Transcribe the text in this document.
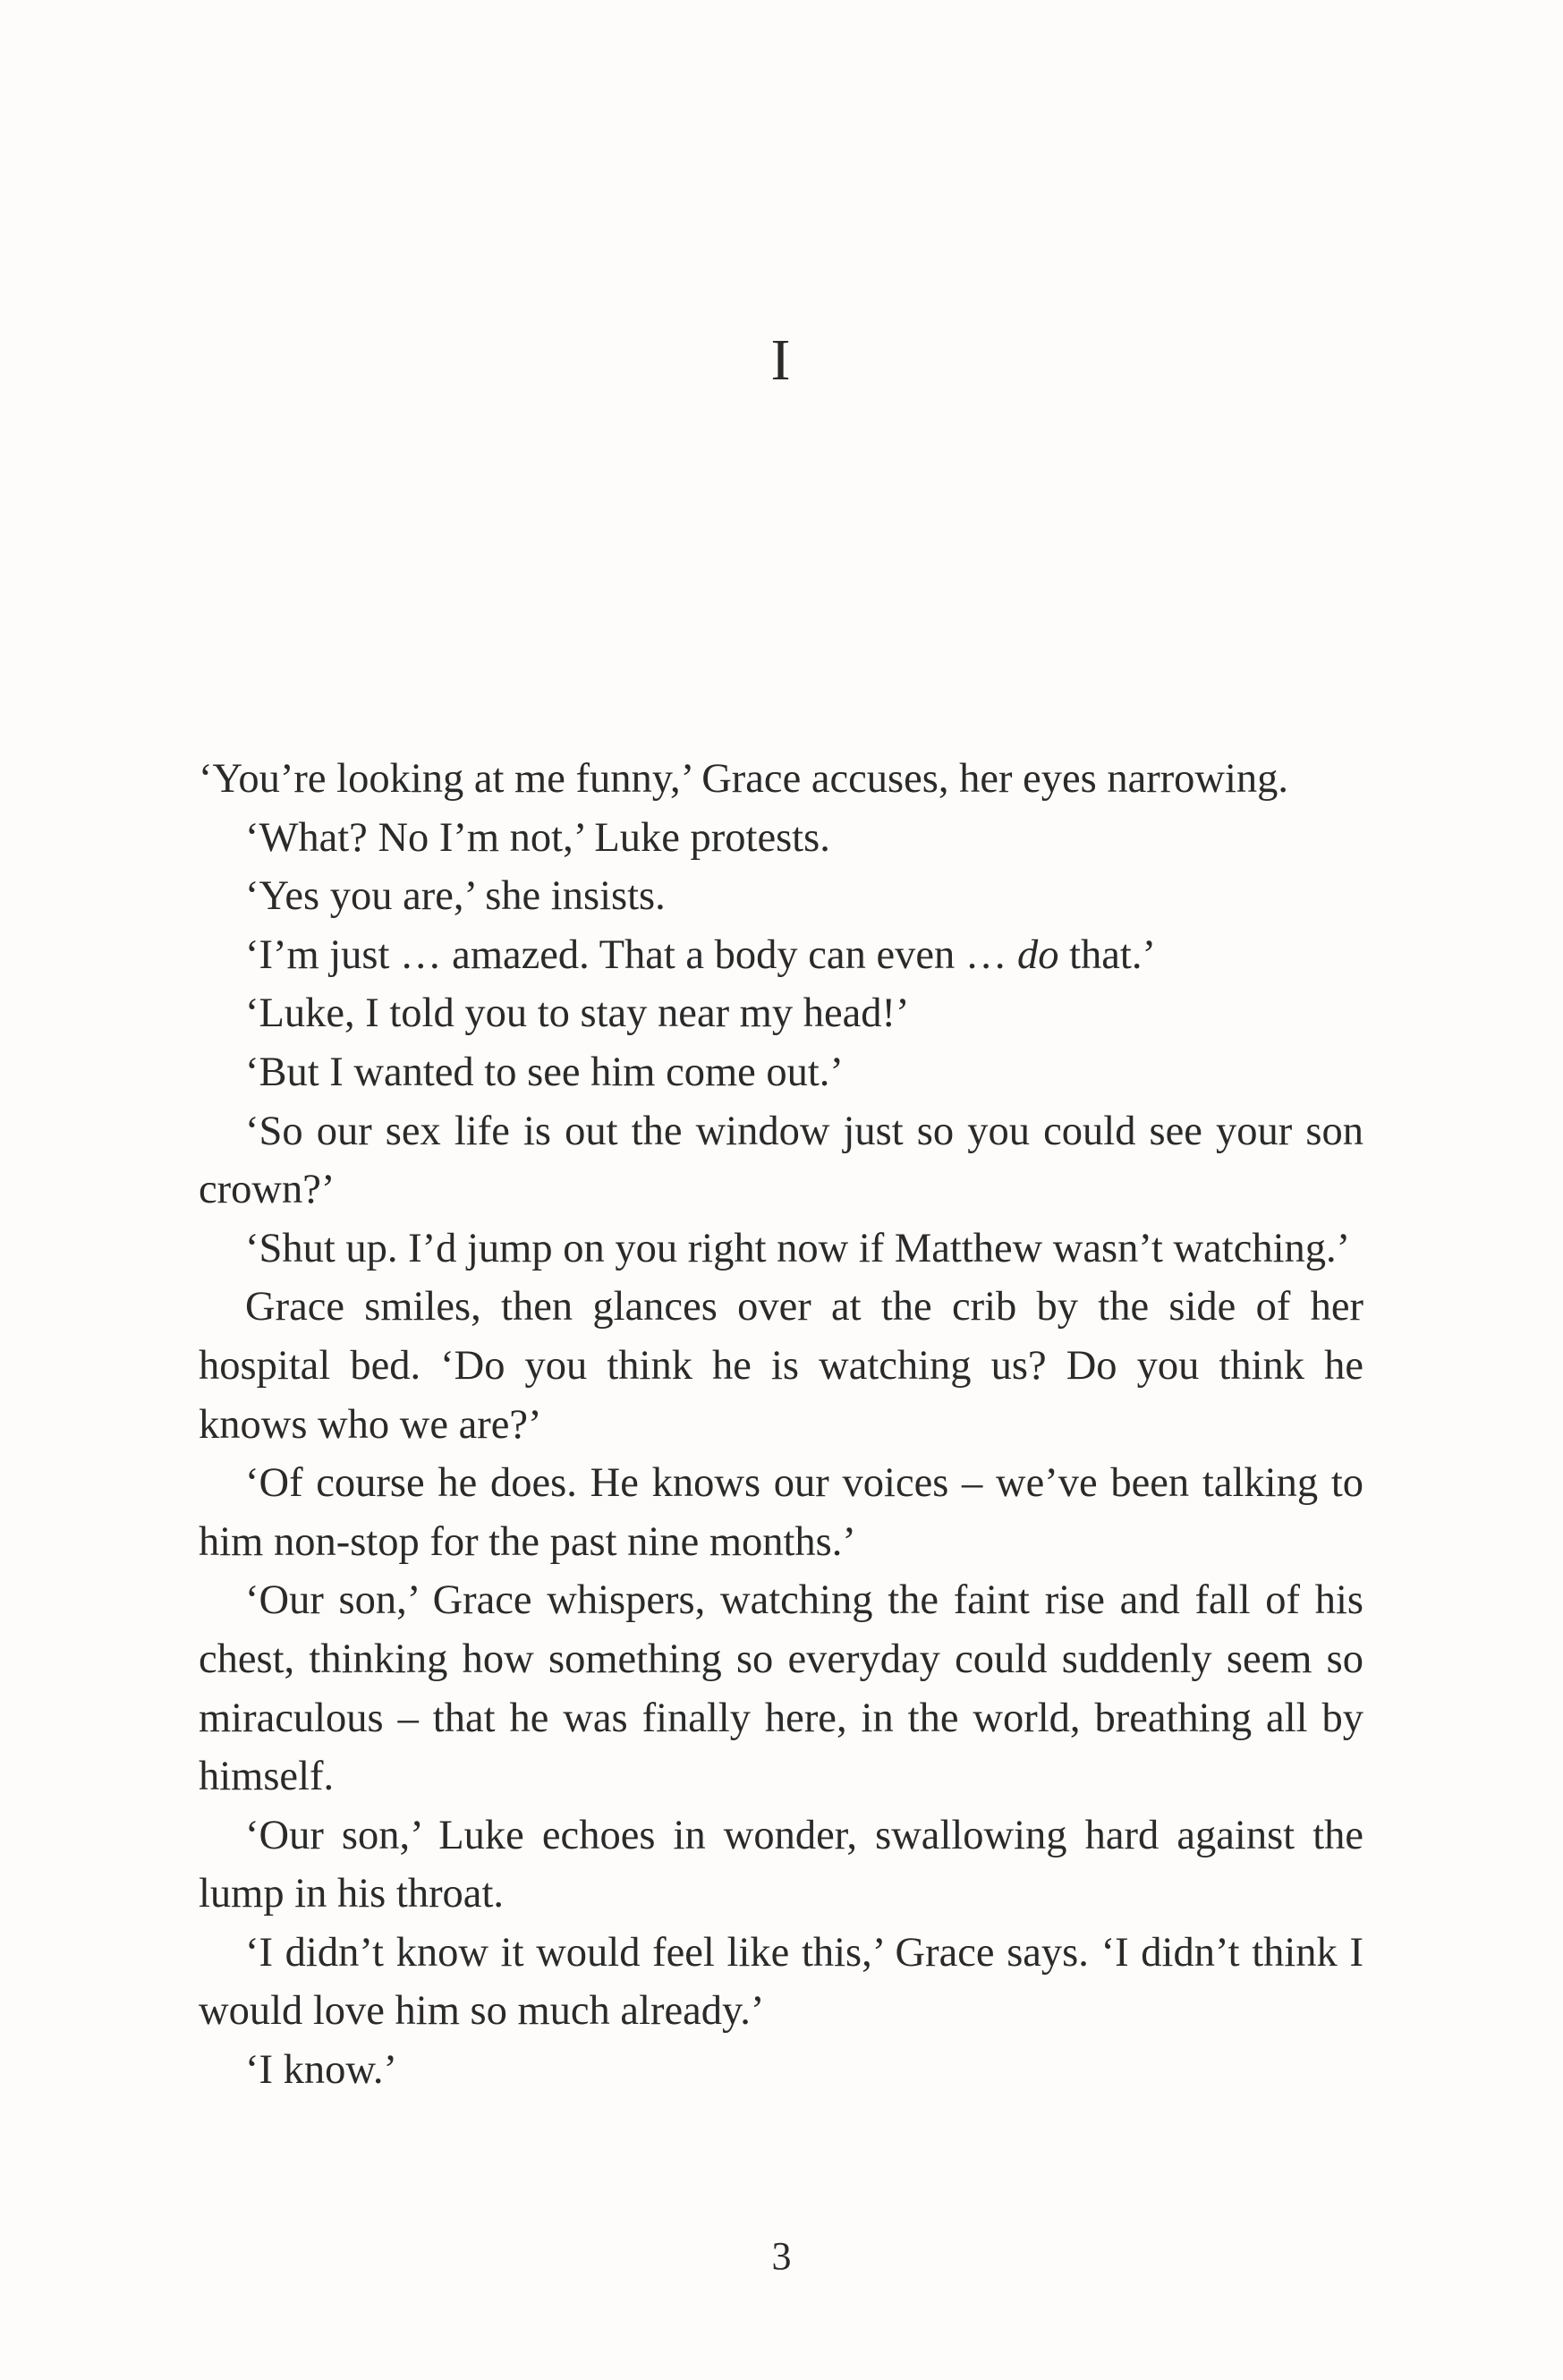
I

‘You’re looking at me funny,’ Grace accuses, her eyes narrowing.

‘What? No I’m not,’ Luke protests.

‘Yes you are,’ she insists.

‘I’m just … amazed. That a body can even … do that.’

‘Luke, I told you to stay near my head!’

‘But I wanted to see him come out.’

‘So our sex life is out the window just so you could see your son crown?’

‘Shut up. I’d jump on you right now if Matthew wasn’t watching.’

Grace smiles, then glances over at the crib by the side of her hospital bed. ‘Do you think he is watching us? Do you think he knows who we are?’

‘Of course he does. He knows our voices – we’ve been talking to him non-stop for the past nine months.’

‘Our son,’ Grace whispers, watching the faint rise and fall of his chest, thinking how something so everyday could suddenly seem so miraculous – that he was finally here, in the world, breathing all by himself.

‘Our son,’ Luke echoes in wonder, swallowing hard against the lump in his throat.

‘I didn’t know it would feel like this,’ Grace says. ‘I didn’t think I would love him so much already.’

‘I know.’

3
